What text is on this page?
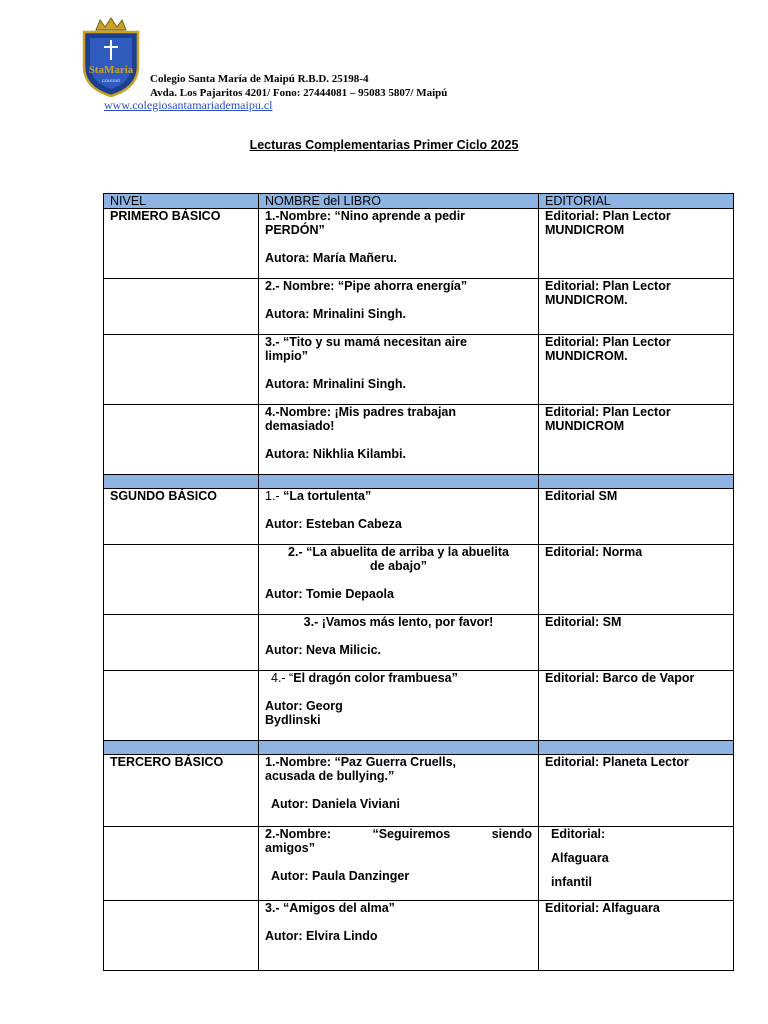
StaMaria
COLEGIO	Colegio Santa María de Maipú R.B.D. 25198-4
Avda. Los Pajaritos 4201/ Fono: 27444081 – 95083 5807/ Maipú
www.colegiosantamariademaipu.cl
Lecturas Complementarias Primer Ciclo 2025
NIVEL	NOMBRE del LIBRO	EDITORIAL
PRIMERO BÁSICO	1.-Nombre: “Nino aprende a pedir
PERDÓN”
Autora: María Mañeru.	Editorial: Plan Lector
MUNDICROM

	2.- Nombre: “Pipe ahorra energía”
Autora: Mrinalini Singh.	Editorial: Plan Lector
MUNDICROM.

	3.- “Tito y su mamá necesitan aire
limpio”
Autora: Mrinalini Singh.	Editorial: Plan Lector
MUNDICROM.

	4.-Nombre: ¡Mis padres trabajan
demasiado!
Autora: Nikhlia Kilambi.	Editorial: Plan Lector
MUNDICROM

SGUNDO BÁSICO	1.- “La tortulenta”
Autor: Esteban Cabeza	Editorial SM

	2.- “La abuelita de arriba y la abuelita
de abajo”
Autor: Tomie Depaola	Editorial: Norma

	3.- ¡Vamos más lento, por favor!
Autor: Neva Milicic.	Editorial: SM

	4.- “El dragón color frambuesa”
Autor: Georg
Bydlinski	Editorial: Barco de Vapor

TERCERO BÁSICO	1.-Nombre: “Paz Guerra Cruells,
acusada de bullying.”
Autor: Daniela Viviani	Editorial: Planeta Lector

	2.-Nombre: “Seguiremos siendo
amigos”
Autor: Paula Danzinger	Editorial:
Alfaguara
infantil

	3.- “Amigos del alma”
Autor: Elvira Lindo	Editorial: Alfaguara
